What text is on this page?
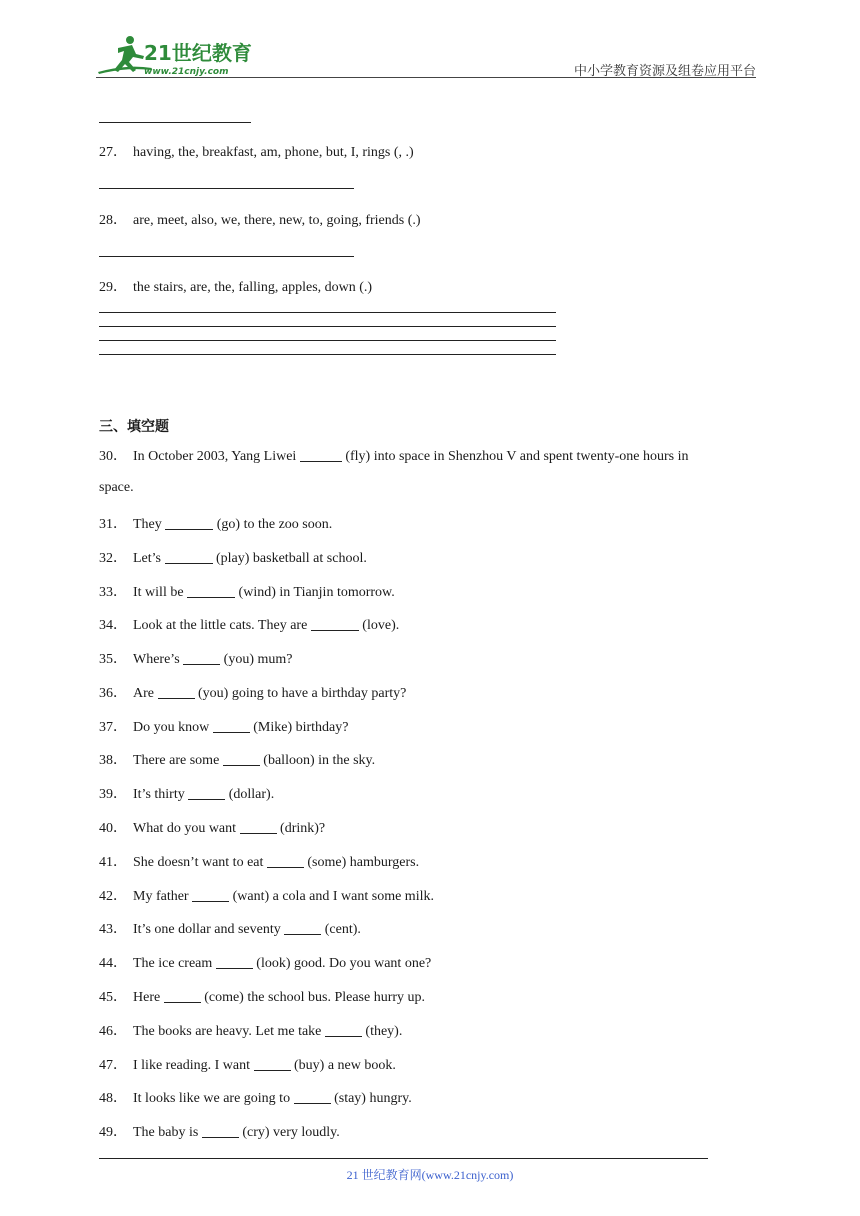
21世纪教育
www.21cnjy.com	中小学教育资源及组卷应用平台
27． having, the, breakfast, am, phone, but, I, rings (, .)
28． are, meet, also, we, there, new, to, going, friends (.)
29． the stairs, are, the, falling, apples, down (.)
三、填空题
30． In October 2003, Yang Liwei	(fly) into space in Shenzhou V and spent twenty-one hours in
space.
31． They	(go) to the zoo soon.
32． Let’s	(play) basketball at school.
33． It will be	(wind) in Tianjin tomorrow.
34． Look at the little cats. They are	(love).
35． Where’s	(you) mum?
36． Are	(you) going to have a birthday party?
37． Do you know	(Mike) birthday?
38． There are some	(balloon) in the sky.
39． It’s thirty	(dollar).
40． What do you want	(drink)?
41． She doesn’t want to eat	(some) hamburgers.
42． My father	(want) a cola and I want some milk.
43． It’s one dollar and seventy	(cent).
44． The ice cream	(look) good. Do you want one?
45． Here	(come) the school bus. Please hurry up.
46． The books are heavy. Let me take	(they).
47． I like reading. I want	(buy) a new book.
48． It looks like we are going to	(stay) hungry.
49． The baby is	(cry) very loudly.
21 世纪教育网(www.21cnjy.com)
